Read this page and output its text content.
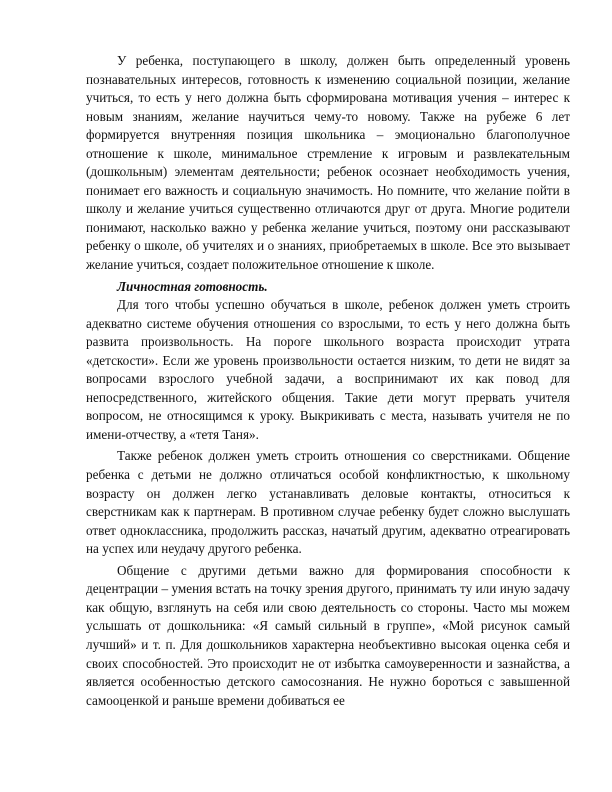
У ребенка, поступающего в школу, должен быть определенный уровень познавательных интересов, готовность к изменению социальной позиции, желание учиться, то есть у него должна быть сформирована мотивация учения – интерес к новым знаниям, желание научиться чему-то новому. Также на рубеже 6 лет формируется внутренняя позиция школьника – эмоционально благополучное отношение к школе, минимальное стремление к игровым и развлекательным (дошкольным) элементам деятельности; ребенок осознает необходимость учения, понимает его важность и социальную значимость. Но помните, что желание пойти в школу и желание учиться существенно отличаются друг от друга. Многие родители понимают, насколько важно у ребенка желание учиться, поэтому они рассказывают ребенку о школе, об учителях и о знаниях, приобретаемых в школе. Все это вызывает желание учиться, создает положительное отношение к школе.

Личностная готовность.

Для того чтобы успешно обучаться в школе, ребенок должен уметь строить адекватно системе обучения отношения со взрослыми, то есть у него должна быть развита произвольность. На пороге школьного возраста происходит утрата «детскости». Если же уровень произвольности остается низким, то дети не видят за вопросами взрослого учебной задачи, а воспринимают их как повод для непосредственного, житейского общения. Такие дети могут прервать учителя вопросом, не относящимся к уроку. Выкрикивать с места, называть учителя не по имени-отчеству, а «тетя Таня».

Также ребенок должен уметь строить отношения со сверстниками. Общение ребенка с детьми не должно отличаться особой конфликтностью, к школьному возрасту он должен легко устанавливать деловые контакты, относиться к сверстникам как к партнерам. В противном случае ребенку будет сложно выслушать ответ одноклассника, продолжить рассказ, начатый другим, адекватно отреагировать на успех или неудачу другого ребенка.

Общение с другими детьми важно для формирования способности к децентрации – умения встать на точку зрения другого, принимать ту или иную задачу как общую, взглянуть на себя или свою деятельность со стороны. Часто мы можем услышать от дошкольника: «Я самый сильный в группе», «Мой рисунок самый лучший» и т. п. Для дошкольников характерна необъективно высокая оценка себя и своих способностей. Это происходит не от избытка самоуверенности и зазнайства, а является особенностью детского самосознания. Не нужно бороться с завышенной самооценкой и раньше времени добиваться ее
